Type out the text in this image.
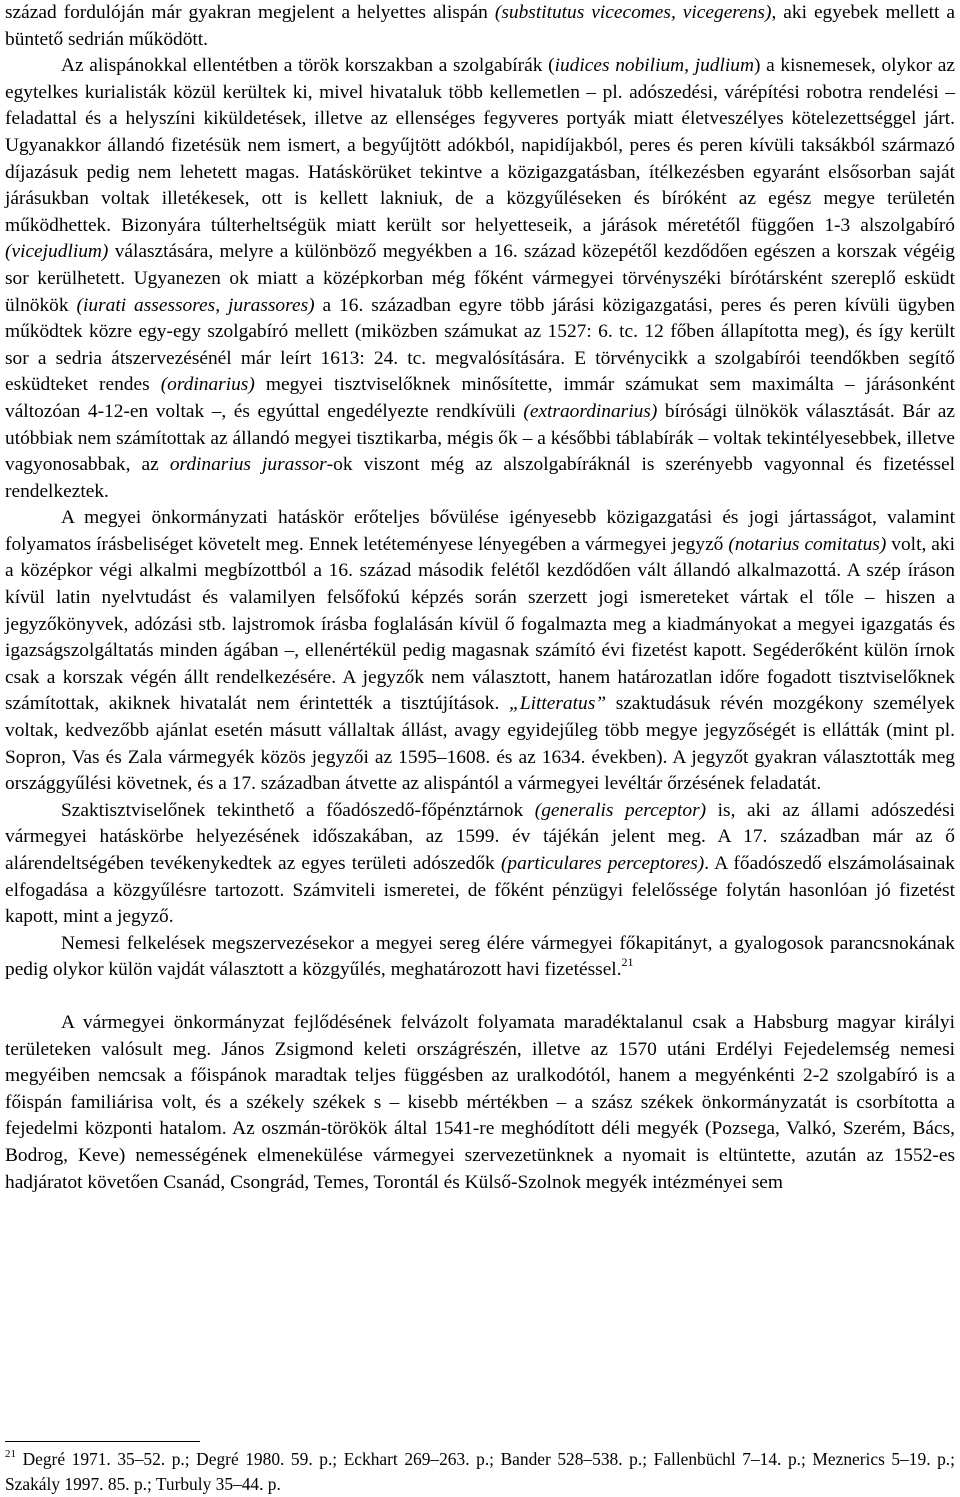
század fordulóján már gyakran megjelent a helyettes alispán (substitutus vicecomes, vicegerens), aki egyebek mellett a büntető sedrián működött.

Az alispánokkal ellentétben a török korszakban a szolgabírák (iudices nobilium, judlium) a kisnemesek, olykor az egytelkes kurialisták közül kerültek ki, mivel hivataluk több kellemetlen – pl. adószedési, várépítési robotra rendelési – feladattal és a helyszíni kiküldetések, illetve az ellenséges fegyveres portyák miatt életveszélyes kötelezettséggel járt. Ugyanakkor állandó fizetésük nem ismert, a begyűjtött adókból, napidíjakból, peres és peren kívüli taksákból származó díjazásuk pedig nem lehetett magas. Hatáskörüket tekintve a közigazgatásban, ítélkezésben egyaránt elsősorban saját járásukban voltak illetékesek, ott is kellett lakniuk, de a közgyűléseken és bíróként az egész megye területén működhettek. Bizonyára túlterheltségük miatt került sor helyetteseik, a járások méretétől függően 1-3 alszolgabíró (vicejudlium) választására, melyre a különböző megyékben a 16. század közepétől kezdődően egészen a korszak végéig sor kerülhetett. Ugyanezen ok miatt a középkorban még főként vármegyei törvényszéki bírótársként szereplő esküdt ülnökök (iurati assessores, jurassores) a 16. században egyre több járási közigazgatási, peres és peren kívüli ügyben működtek közre egy-egy szolgabíró mellett (miközben számukat az 1527: 6. tc. 12 főben állapította meg), és így került sor a sedria átszervezésénél már leírt 1613: 24. tc. megvalósítására. E törvénycikk a szolgabírói teendőkben segítő esküdteket rendes (ordinarius) megyei tisztviselőknek minősítette, immár számukat sem maximálta – járásonként változóan 4-12-en voltak –, és egyúttal engedélyezte rendkívüli (extraordinarius) bírósági ülnökök választását. Bár az utóbbiak nem számítottak az állandó megyei tisztikarba, mégis ők – a későbbi táblabírák – voltak tekintélyesebbek, illetve vagyonosabbak, az ordinarius jurassor-ok viszont még az alszolgabíráknál is szerényebb vagyonnal és fizetéssel rendelkeztek.

A megyei önkormányzati hatáskör erőteljes bővülése igényesebb közigazgatási és jogi jártasságot, valamint folyamatos írásbeliséget követelt meg. Ennek letéteményese lényegében a vármegyei jegyző (notarius comitatus) volt, aki a középkor végi alkalmi megbízottból a 16. század második felétől kezdődően vált állandó alkalmazottá. A szép íráson kívül latin nyelvtudást és valamilyen felsőfokú képzés során szerzett jogi ismereteket vártak el tőle – hiszen a jegyzőkönyvek, adózási stb. lajstromok írásba foglalásán kívül ő fogalmazta meg a kiadmányokat a megyei igazgatás és igazságszolgáltatás minden ágában –, ellenértékül pedig magasnak számító évi fizetést kapott. Segéderőként külön írnok csak a korszak végén állt rendelkezésére. A jegyzők nem választott, hanem határozatlan időre fogadott tisztviselőknek számítottak, akiknek hivatalát nem érintették a tisztújítások. „Litteratus” szaktudásuk révén mozgékony személyek voltak, kedvezőbb ajánlat esetén másutt vállaltak állást, avagy egyidejűleg több megye jegyzőségét is ellátták (mint pl. Sopron, Vas és Zala vármegyék közös jegyzői az 1595–1608. és az 1634. években). A jegyzőt gyakran választották meg országgyűlési követnek, és a 17. században átvette az alispántól a vármegyei levéltár őrzésének feladatát.

Szaktisztviselőnek tekinthető a főadószedő-főpénztárnok (generalis perceptor) is, aki az állami adószedési vármegyei hatáskörbe helyezésének időszakában, az 1599. év tájékán jelent meg. A 17. században már az ő alárendeltségében tevékenykedtek az egyes területi adószedők (particulares perceptores). A főadószedő elszámolásainak elfogadása a közgyűlésre tartozott. Számviteli ismeretei, de főként pénzügyi felelőssége folytán hasonlóan jó fizetést kapott, mint a jegyző.

Nemesi felkelések megszervezésekor a megyei sereg élére vármegyei főkapitányt, a gyalogosok parancsnokának pedig olykor külön vajdát választott a közgyűlés, meghatározott havi fizetéssel.$^{21}$

A vármegyei önkormányzat fejlődésének felvázolt folyamata maradéktalanul csak a Habsburg magyar királyi területeken valósult meg. János Zsigmond keleti országrészén, illetve az 1570 utáni Erdélyi Fejedelemség nemesi megyéiben nemcsak a főispánok maradtak teljes függésben az uralkodótól, hanem a megyénkénti 2-2 szolgabíró is a főispán familiárisa volt, és a székely székek s – kisebb mértékben – a szász székek önkormányzatát is csorbította a fejedelmi központi hatalom. Az oszmán-törökök által 1541-re meghódított déli megyék (Pozsega, Valkó, Szerém, Bács, Bodrog, Keve) nemességének elmenekülése vármegyei szervezetünknek a nyomait is eltüntette, azután az 1552-es hadjáratot követően Csanád, Csongrád, Temes, Torontál és Külső-Szolnok megyék intézményei sem

$^{21}$ Degré 1971. 35–52. p.; Degré 1980. 59. p.; Eckhart 269–263. p.; Bander 528–538. p.; Fallenbüchl 7–14. p.; Meznerics 5–19. p.; Szakály 1997. 85. p.; Turbuly 35–44. p.
